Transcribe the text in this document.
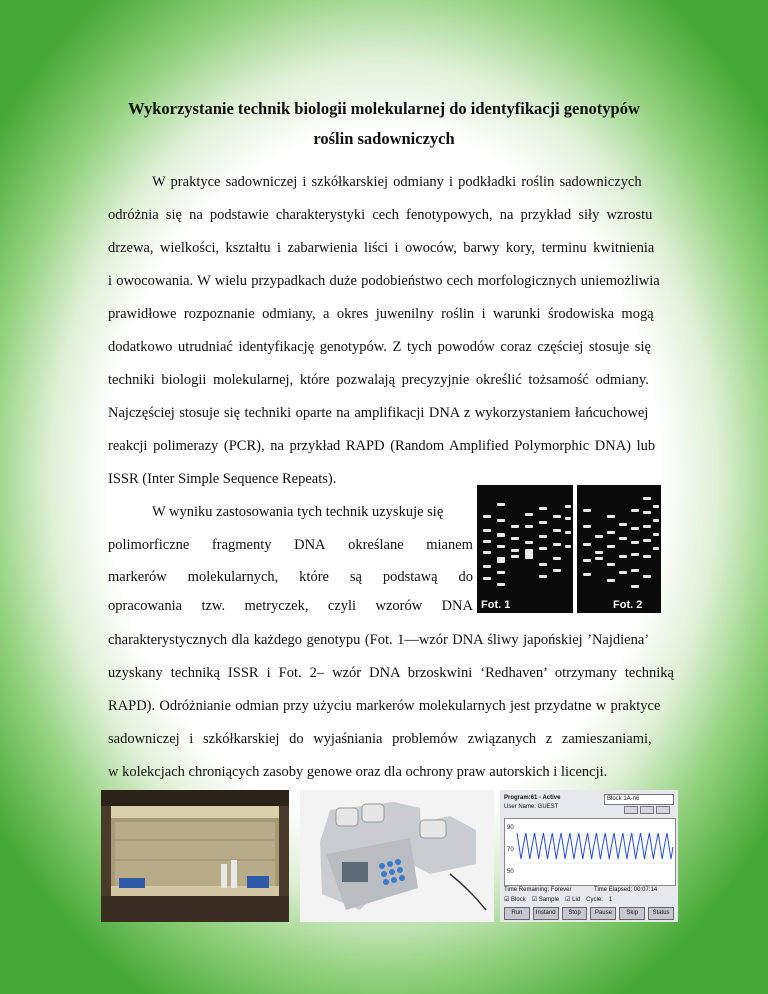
Wykorzystanie technik biologii molekularnej do identyfikacji genotypów
roślin sadowniczych
W praktyce sadowniczej i szkółkarskiej odmiany i podkładki roślin sadowniczych
odróżnia się na podstawie charakterystyki cech fenotypowych, na przykład siły wzrostu
drzewa, wielkości, kształtu i zabarwienia liści i owoców, barwy kory, terminu kwitnienia
i owocowania. W wielu przypadkach duże podobieństwo cech morfologicznych uniemożliwia
prawidłowe rozpoznanie odmiany, a okres juwenilny roślin i warunki środowiska mogą
dodatkowo utrudniać identyfikację genotypów. Z tych powodów coraz częściej stosuje się
techniki biologii molekularnej, które pozwalają precyzyjnie określić tożsamość odmiany.
Najczęściej stosuje się techniki oparte na amplifikacji DNA z wykorzystaniem łańcuchowej
reakcji polimerazy (PCR), na przykład RAPD (Random Amplified Polymorphic DNA) lub
ISSR (Inter Simple Sequence Repeats).
W wyniku zastosowania tych technik uzyskuje się
polimorficzne fragmenty DNA określane mianem
markerów molekularnych, które są podstawą do
opracowania tzw. metryczek, czyli wzorów DNA
charakterystycznych dla każdego genotypu (Fot. 1—wzór DNA śliwy japońskiej ’Najdiena’
uzyskany techniką ISSR i Fot. 2– wzór DNA brzoskwini ‘Redhaven’ otrzymany techniką
RAPD). Odróżnianie odmian przy użyciu markerów molekularnych jest przydatne w praktyce
sadowniczej i szkółkarskiej do wyjaśniania problemów związanych z zamieszaniami,
w kolekcjach chroniących zasoby genowe oraz dla ochrony praw autorskich i licencji.
Fot. 1	Fot. 2
Program:61 - Active
User Name: GUEST
Block 1A-n6
90
70
50
Time Remaining: Forever	Time Elapsed: 00:07:14
☑ Block ☑ Sample ☑ Lid Cycle: 1
Run	Instand	Stop	Pause	Skip	Status
